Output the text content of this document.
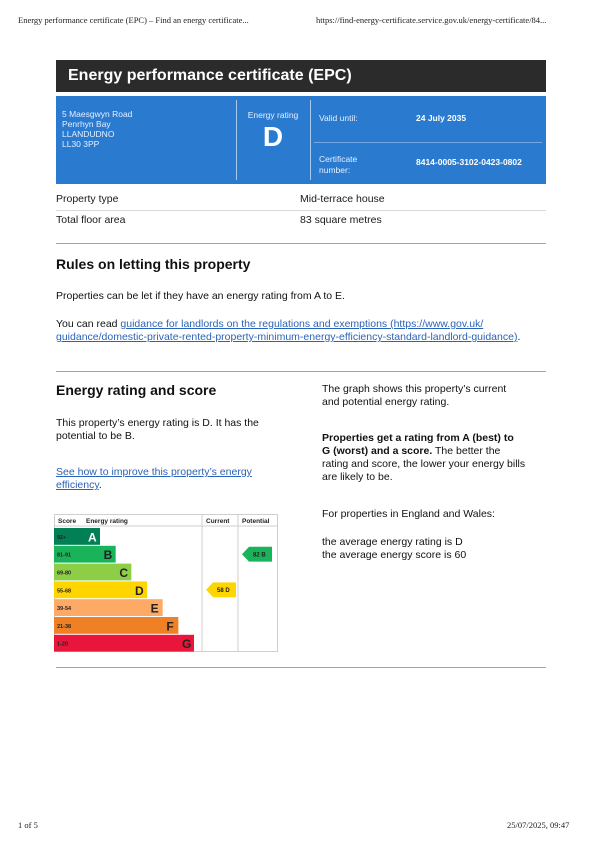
Energy performance certificate (EPC) – Find an energy certificate...	https://find-energy-certificate.service.gov.uk/energy-certificate/84...
Energy performance certificate (EPC)
5 Maesgwyn Road
Penrhyn Bay
LLANDUDNO
LL30 3PP
Energy rating
D
Valid until:	24 July 2035
Certificate
number:
8414-0005-3102-0423-0802
Property type	Mid-terrace house
Total floor area	83 square metres
Rules on letting this property
Properties can be let if they have an energy rating from A to E.
You can read guidance for landlords on the regulations and exemptions (https://www.gov.uk/
guidance/domestic-private-rented-property-minimum-energy-efficiency-standard-landlord-guidance).
Energy rating and score
This property’s energy rating is D. It has the
potential to be B.
See how to improve this property’s energy
efficiency.
The graph shows this property’s current
and potential energy rating.
Properties get a rating from A (best) to
G (worst) and a score. The better the
rating and score, the lower your energy bills
are likely to be.
For properties in England and Wales:
the average energy rating is D
the average energy score is 60
Score Energy rating	Current Potential
92+ A
81-91	B
69-80	C
55-68	D
39-54	E
21-38	F
1-20	G
58 D
82 B
1 of 5	25/07/2025, 09:47
